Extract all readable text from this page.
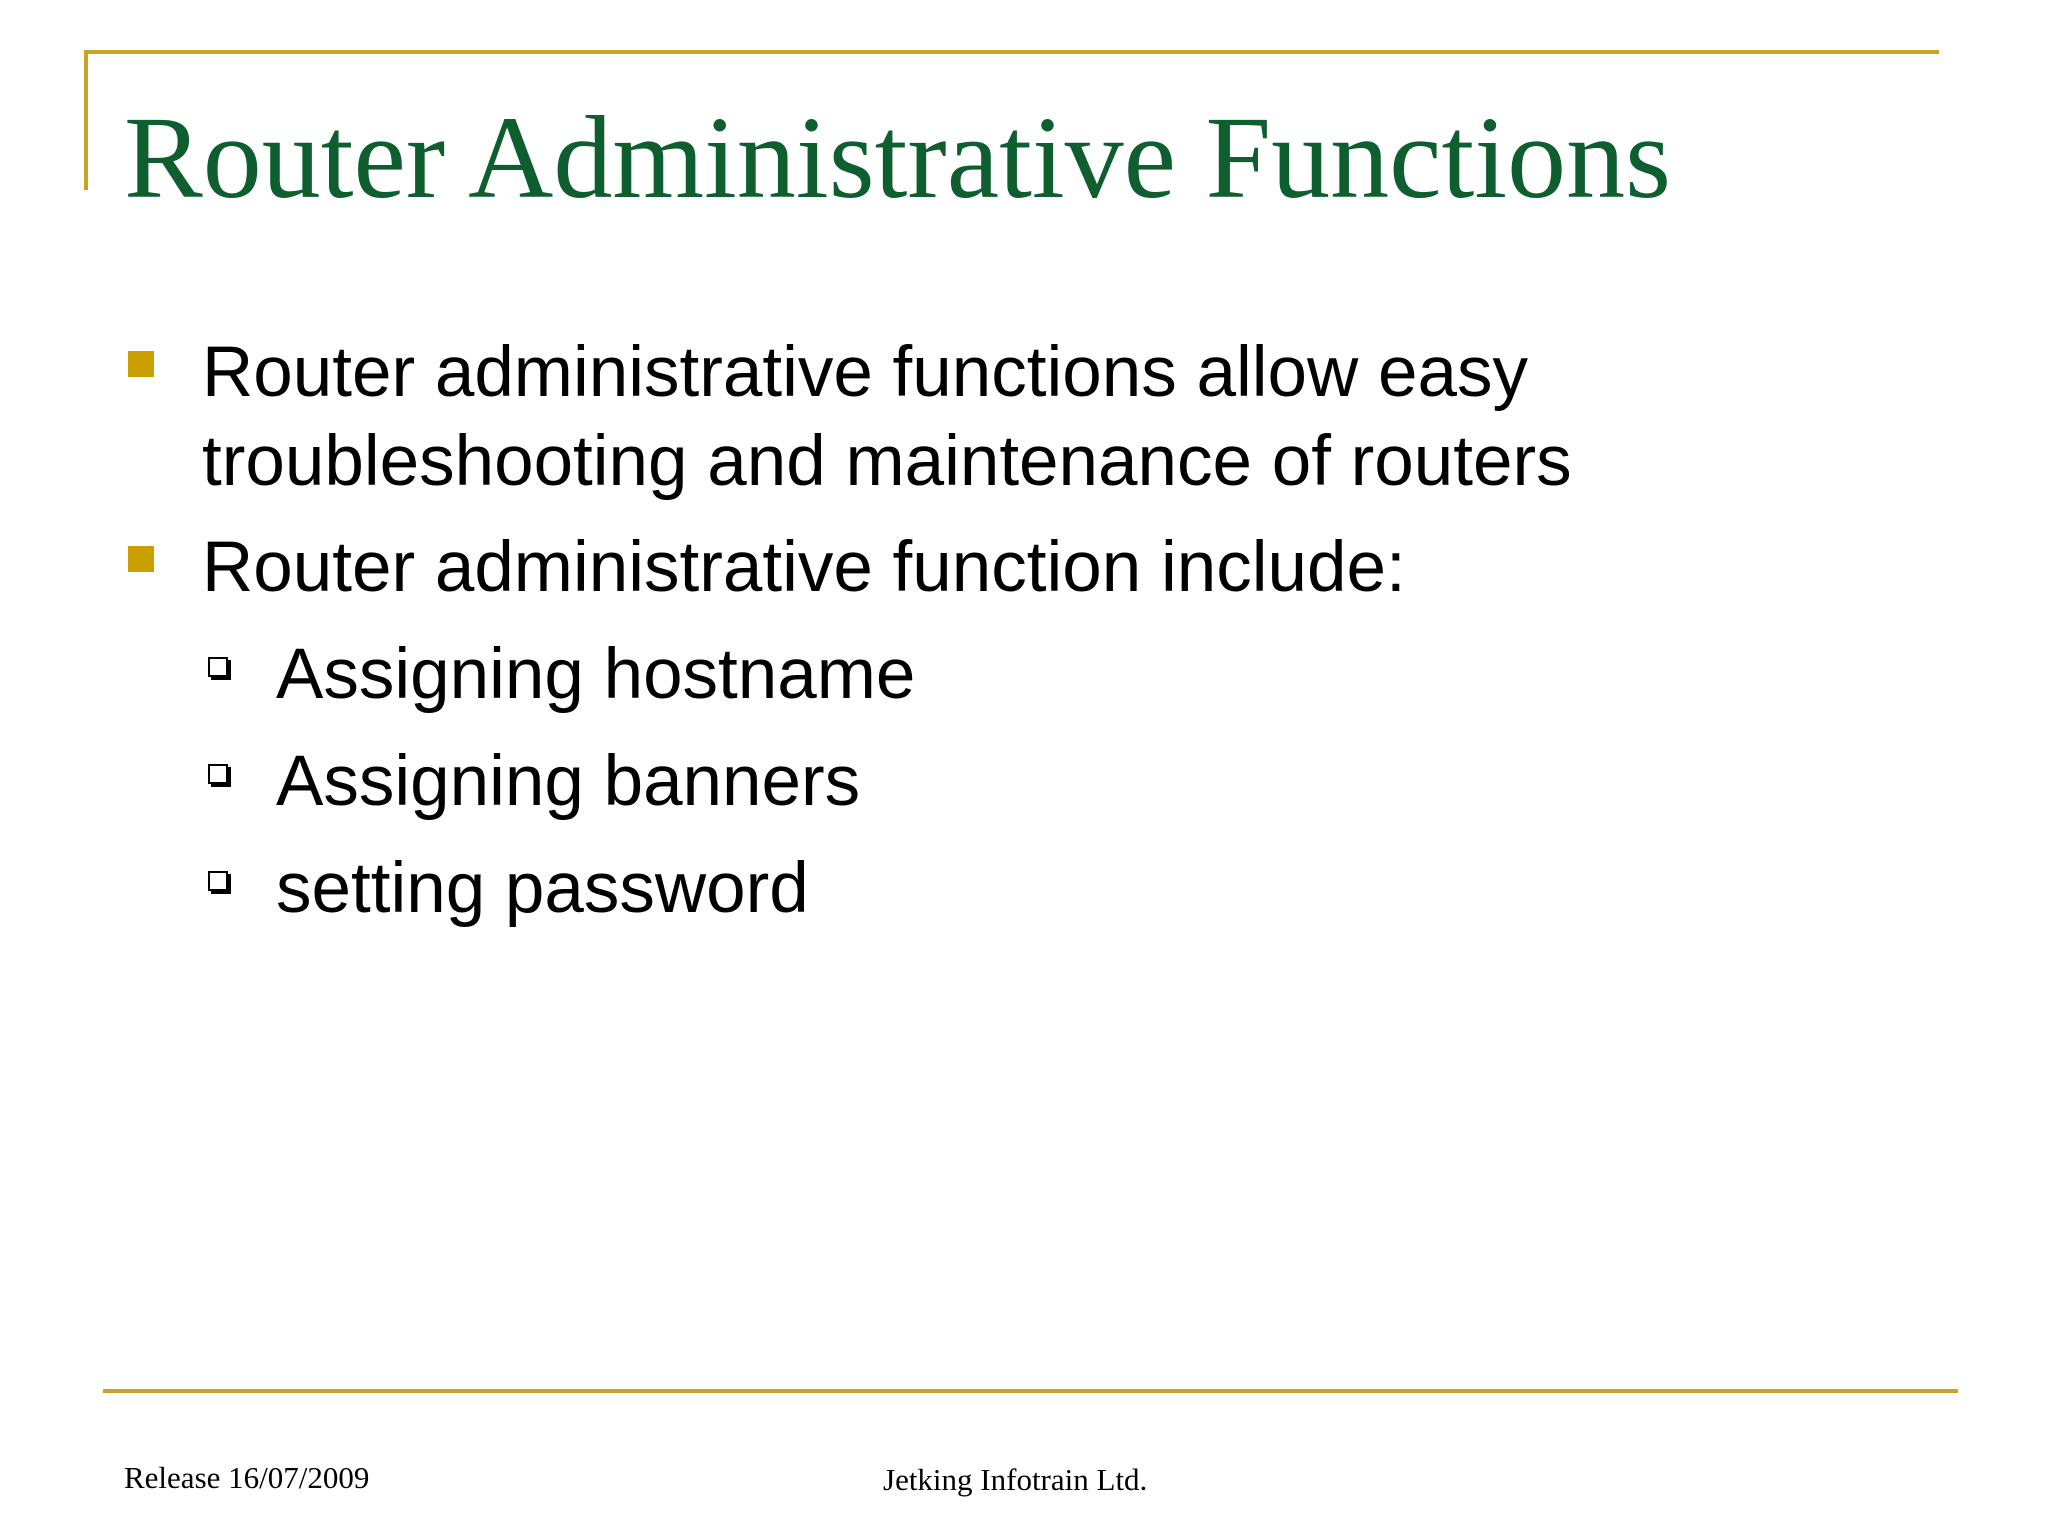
Router Administrative Functions
Router administrative functions allow easy troubleshooting and maintenance of routers
Router administrative function include:
Assigning hostname
Assigning banners
setting password
Release 16/07/2009	Jetking Infotrain Ltd.
